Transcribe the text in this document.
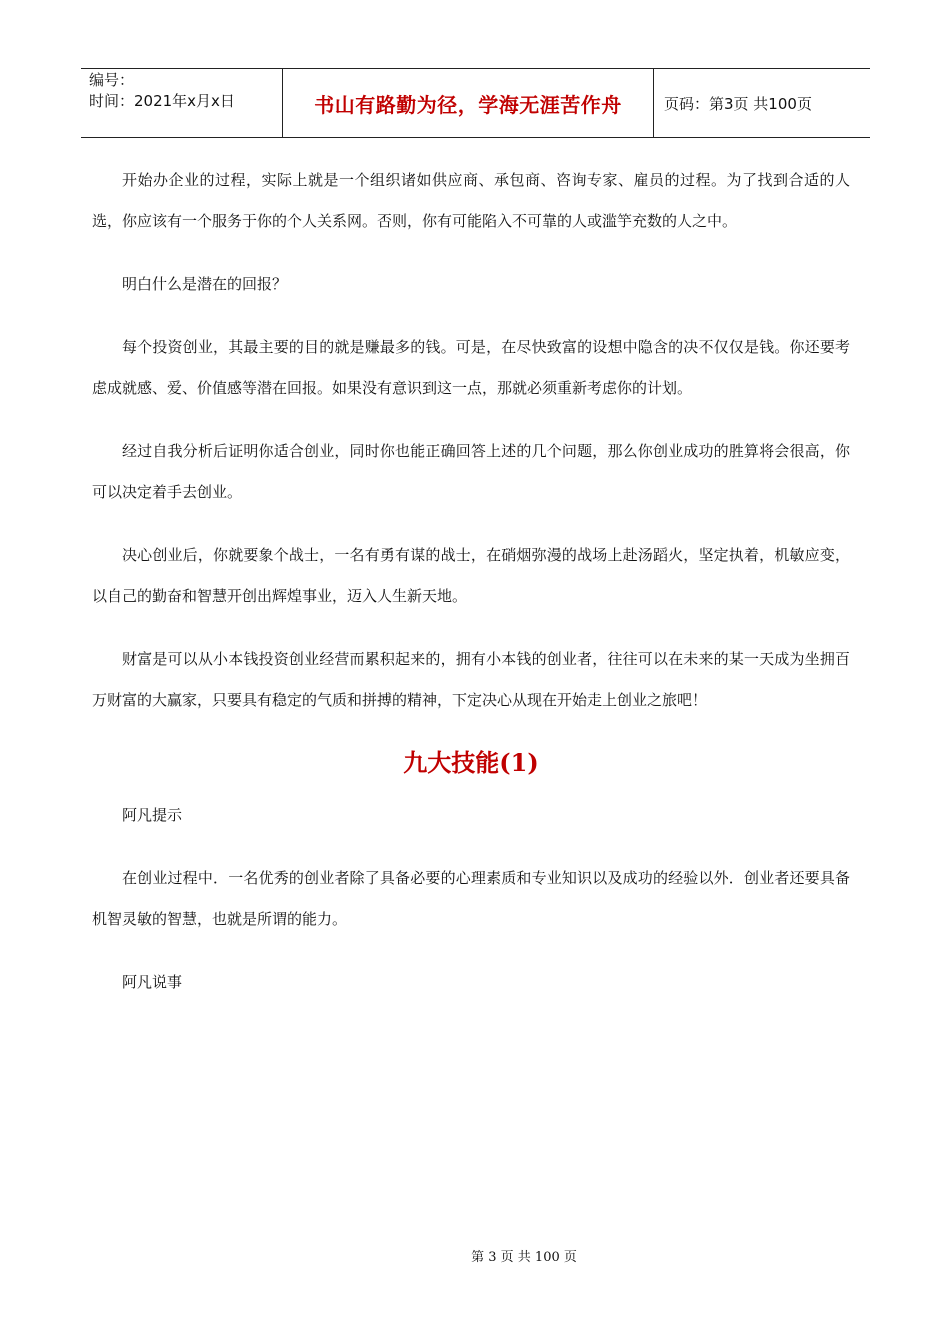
编号：
时间：2021年x月x日	书山有路勤为径，学海无涯苦作舟	页码：第3页 共100页

开始办企业的过程，实际上就是一个组织诸如供应商、承包商、咨询专家、雇员的过程。为了找到合适的人选，你应该有一个服务于你的个人关系网。否则，你有可能陷入不可靠的人或滥竽充数的人之中。

明白什么是潜在的回报？

每个投资创业，其最主要的目的就是赚最多的钱。可是，在尽快致富的设想中隐含的决不仅仅是钱。你还要考虑成就感、爱、价值感等潜在回报。如果没有意识到这一点，那就必须重新考虑你的计划。

经过自我分析后证明你适合创业，同时你也能正确回答上述的几个问题，那么你创业成功的胜算将会很高，你可以决定着手去创业。

决心创业后，你就要象个战士，一名有勇有谋的战士，在硝烟弥漫的战场上赴汤蹈火，坚定执着，机敏应变，以自己的勤奋和智慧开创出辉煌事业，迈入人生新天地。

财富是可以从小本钱投资创业经营而累积起来的，拥有小本钱的创业者，往往可以在未来的某一天成为坐拥百万财富的大赢家，只要具有稳定的气质和拼搏的精神，下定决心从现在开始走上创业之旅吧！

九大技能(1)

阿凡提示

在创业过程中．一名优秀的创业者除了具备必要的心理素质和专业知识以及成功的经验以外．创业者还要具备机智灵敏的智慧，也就是所谓的能力。

阿凡说事

第 3 页 共 100 页
